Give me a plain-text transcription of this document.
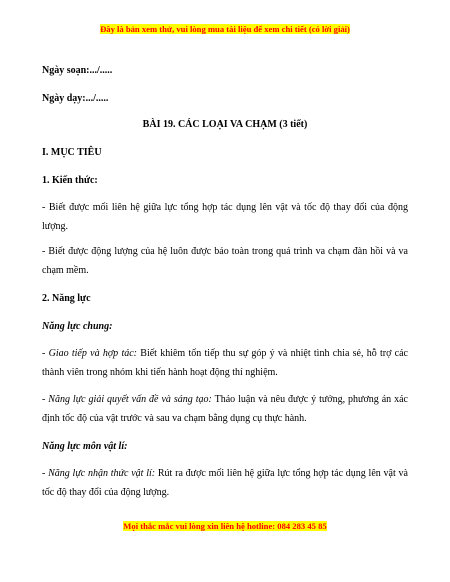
Đây là bản xem thử, vui lòng mua tài liệu để xem chi tiết (có lời giải)
Ngày soạn:.../.....
Ngày dạy:.../.....
BÀI 19. CÁC LOẠI VA CHẠM (3 tiết)
I. MỤC TIÊU
1. Kiến thức:
- Biết được mối liên hệ giữa lực tổng hợp tác dụng lên vật và tốc độ thay đổi của động lượng.
- Biết được động lượng của hệ luôn được bảo toàn trong quá trình va chạm đàn hồi và va chạm mềm.
2. Năng lực
Năng lực chung:
- Giao tiếp và hợp tác: Biết khiêm tốn tiếp thu sự góp ý và nhiệt tình chia sẻ, hỗ trợ các thành viên trong nhóm khi tiến hành hoạt động thí nghiệm.
- Năng lực giải quyết vấn đề và sáng tạo: Thảo luận và nêu được ý tưởng, phương án xác định tốc độ của vật trước và sau va chạm bằng dụng cụ thực hành.
Năng lực môn vật lí:
- Năng lực nhận thức vật lí: Rút ra được mối liên hệ giữa lực tổng hợp tác dụng lên vật và tốc độ thay đổi của động lượng.
Mọi thắc mắc vui lòng xin liên hệ hotline: 084 283 45 85
